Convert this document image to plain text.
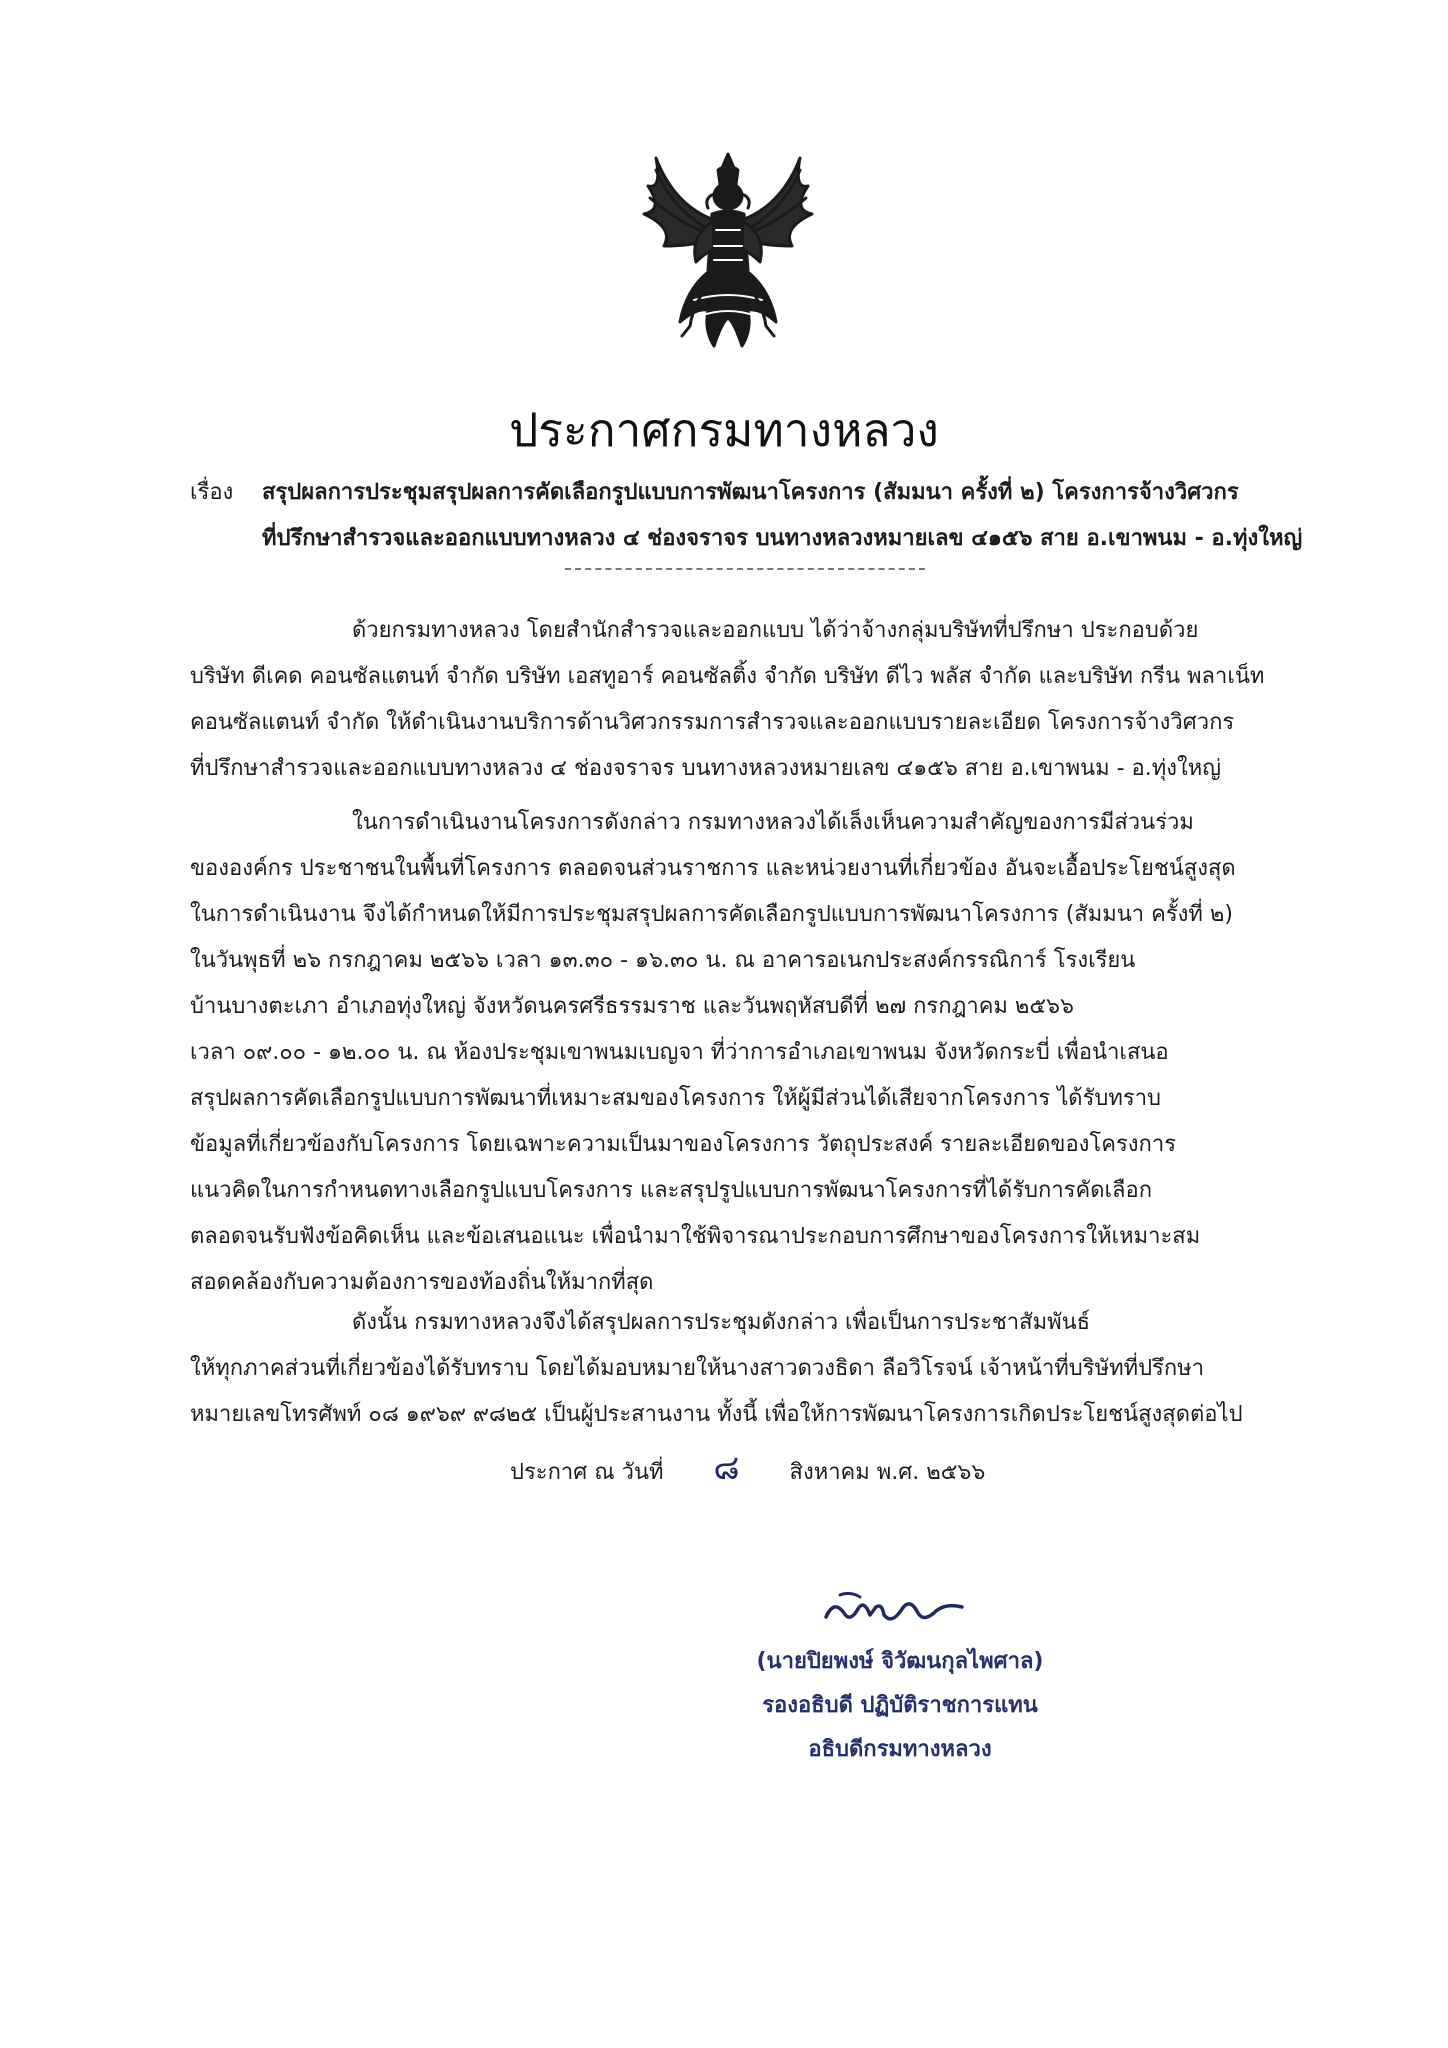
ประกาศกรมทางหลวง
เรื่อง	สรุปผลการประชุมสรุปผลการคัดเลือกรูปแบบการพัฒนาโครงการ (สัมมนา ครั้งที่ ๒) โครงการจ้างวิศวกร
ที่ปรึกษาสำรวจและออกแบบทางหลวง ๔ ช่องจราจร บนทางหลวงหมายเลข ๔๑๕๖ สาย อ.เขาพนม - อ.ทุ่งใหญ่
ด้วยกรมทางหลวง โดยสำนักสำรวจและออกแบบ ได้ว่าจ้างกลุ่มบริษัทที่ปรึกษา ประกอบด้วย
บริษัท ดีเคด คอนซัลแตนท์ จำกัด บริษัท เอสทูอาร์ คอนซัลติ้ง จำกัด บริษัท ดีไว พลัส จำกัด และบริษัท กรีน พลาเน็ท
คอนซัลแตนท์ จำกัด ให้ดำเนินงานบริการด้านวิศวกรรมการสำรวจและออกแบบรายละเอียด โครงการจ้างวิศวกร
ที่ปรึกษาสำรวจและออกแบบทางหลวง ๔ ช่องจราจร บนทางหลวงหมายเลข ๔๑๕๖ สาย อ.เขาพนม - อ.ทุ่งใหญ่
ในการดำเนินงานโครงการดังกล่าว กรมทางหลวงได้เล็งเห็นความสำคัญของการมีส่วนร่วม
ขององค์กร ประชาชนในพื้นที่โครงการ ตลอดจนส่วนราชการ และหน่วยงานที่เกี่ยวข้อง อันจะเอื้อประโยชน์สูงสุด
ในการดำเนินงาน จึงได้กำหนดให้มีการประชุมสรุปผลการคัดเลือกรูปแบบการพัฒนาโครงการ (สัมมนา ครั้งที่ ๒)
ในวันพุธที่ ๒๖ กรกฎาคม ๒๕๖๖ เวลา ๑๓.๓๐ - ๑๖.๓๐ น. ณ อาคารอเนกประสงค์กรรณิการ์ โรงเรียน
บ้านบางตะเภา อำเภอทุ่งใหญ่ จังหวัดนครศรีธรรมราช และวันพฤหัสบดีที่ ๒๗ กรกฎาคม ๒๕๖๖
เวลา ๐๙.๐๐ - ๑๒.๐๐ น. ณ ห้องประชุมเขาพนมเบญจา ที่ว่าการอำเภอเขาพนม จังหวัดกระบี่ เพื่อนำเสนอ
สรุปผลการคัดเลือกรูปแบบการพัฒนาที่เหมาะสมของโครงการ ให้ผู้มีส่วนได้เสียจากโครงการ ได้รับทราบ
ข้อมูลที่เกี่ยวข้องกับโครงการ โดยเฉพาะความเป็นมาของโครงการ วัตถุประสงค์ รายละเอียดของโครงการ
แนวคิดในการกำหนดทางเลือกรูปแบบโครงการ และสรุปรูปแบบการพัฒนาโครงการที่ได้รับการคัดเลือก
ตลอดจนรับฟังข้อคิดเห็น และข้อเสนอแนะ เพื่อนำมาใช้พิจารณาประกอบการศึกษาของโครงการให้เหมาะสม
สอดคล้องกับความต้องการของท้องถิ่นให้มากที่สุด
ดังนั้น กรมทางหลวงจึงได้สรุปผลการประชุมดังกล่าว เพื่อเป็นการประชาสัมพันธ์
ให้ทุกภาคส่วนที่เกี่ยวข้องได้รับทราบ โดยได้มอบหมายให้นางสาวดวงธิดา ลือวิโรจน์ เจ้าหน้าที่บริษัทที่ปรึกษา
หมายเลขโทรศัพท์ ๐๘ ๑๙๖๙ ๙๘๒๕ เป็นผู้ประสานงาน ทั้งนี้ เพื่อให้การพัฒนาโครงการเกิดประโยชน์สูงสุดต่อไป
ประกาศ ณ วันที่ ๘ สิงหาคม พ.ศ. ๒๕๖๖
(นายปิยพงษ์ จิวัฒนกุลไพศาล)
รองอธิบดี ปฏิบัติราชการแทน
อธิบดีกรมทางหลวง
